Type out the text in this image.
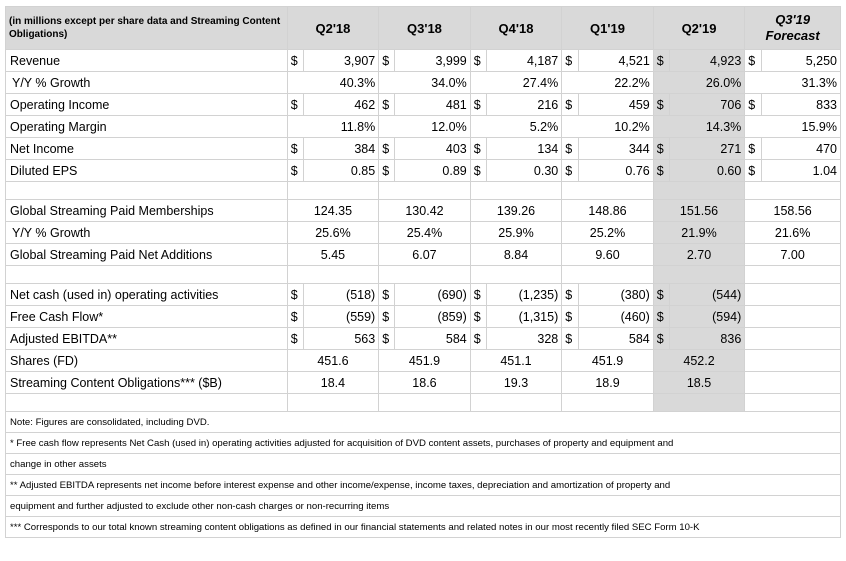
(in millions except per share data and Streaming Content Obligations)	Q2'18		Q3'18		Q4'18		Q1'19		Q2'19		Q3'19
Forecast	

Revenue	$	3,907	$	3,999	$	4,187	$	4,521	$	4,923	$	5,250
Y/Y % Growth	40.3%		34.0%		27.4%		22.2%		26.0%		31.3%	
Operating Income	$	462	$	481	$	216	$	459	$	706	$	833
Operating Margin	11.8%		12.0%		5.2%		10.2%		14.3%		15.9%	
Net Income	$	384	$	403	$	134	$	344	$	271	$	470
Diluted EPS	$	0.85	$	0.89	$	0.30	$	0.76	$	0.60	$	1.04

Global Streaming Paid Memberships	124.35		130.42		139.26		148.86		151.56		158.56	
Y/Y % Growth	25.6%		25.4%		25.9%		25.2%		21.9%		21.6%	
Global Streaming Paid Net Additions	5.45		6.07		8.84		9.60		2.70		7.00	

Net cash (used in) operating activities	$	(518)	$	(690)	$	(1,235)	$	(380)	$	(544)		
Free Cash Flow*	$	(559)	$	(859)	$	(1,315)	$	(460)	$	(594)		
Adjusted EBITDA**	$	563	$	584	$	328	$	584	$	836		
Shares (FD)	451.6		451.9		451.1		451.9		452.2			
Streaming Content Obligations*** ($B)	18.4		18.6		19.3		18.9		18.5			

Note: Figures are consolidated, including DVD.												
* Free cash flow represents Net Cash (used in) operating activities adjusted for acquisition of DVD content assets, purchases of property and equipment and												
change in other assets												
** Adjusted EBITDA represents net income before interest expense and other income/expense, income taxes, depreciation and amortization of property and												
equipment and further adjusted to exclude other non-cash charges or non-recurring items												
*** Corresponds to our total known streaming content obligations as defined in our financial statements and related notes in our most recently filed SEC Form 10-K												
